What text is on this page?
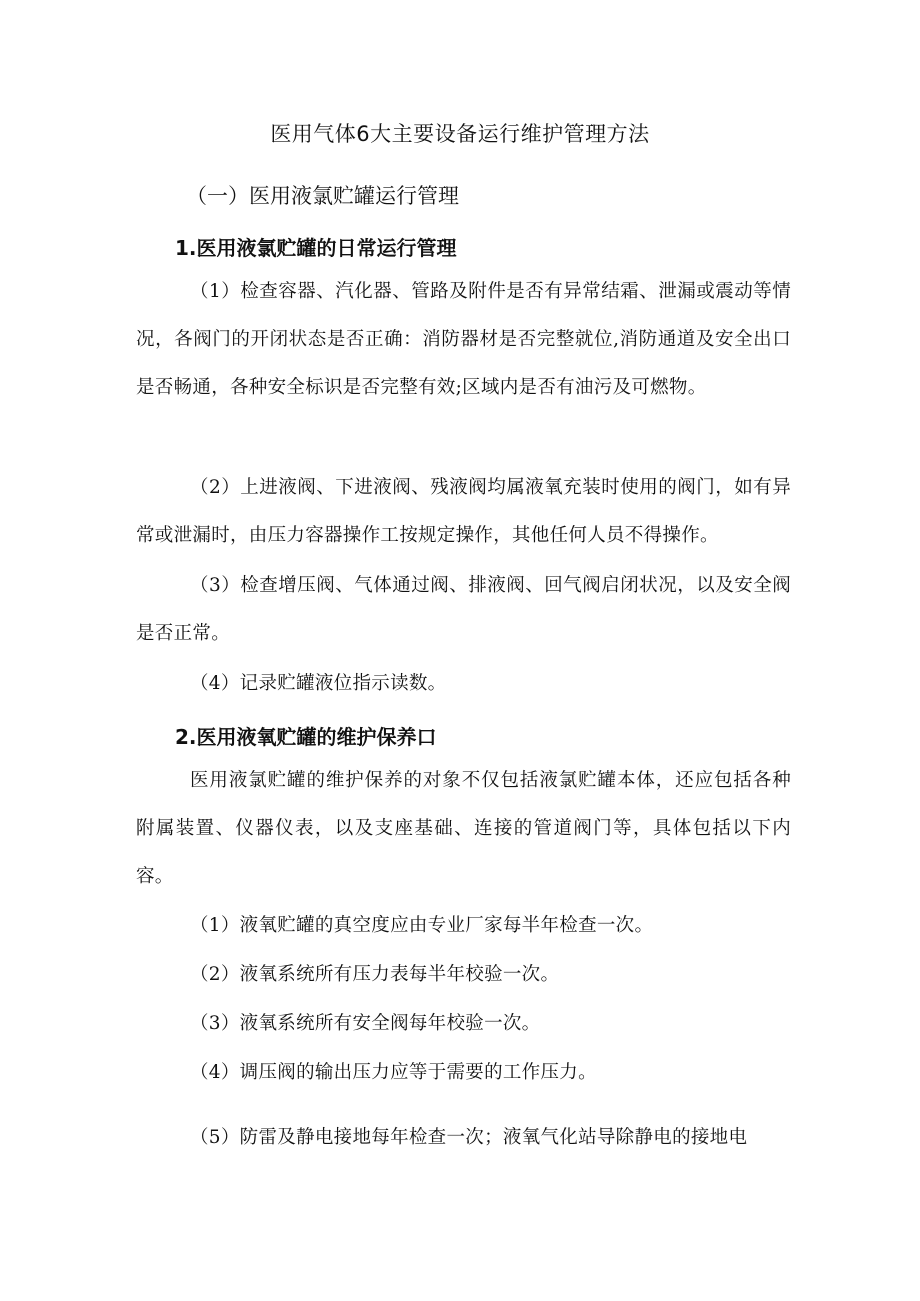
医用气体6大主要设备运行维护管理方法
（一）医用液氯贮罐运行管理
1.医用液氯贮罐的日常运行管理

（1）检查容器、汽化器、管路及附件是否有异常结霜、泄漏或震动等情况，各阀门的开闭状态是否正确：消防器材是否完整就位,消防通道及安全出口是否畅通，各种安全标识是否完整有效;区域内是否有油污及可燃物。

（2）上进液阀、下进液阀、残液阀均属液氧充装时使用的阀门，如有异常或泄漏时，由压力容器操作工按规定操作，其他任何人员不得操作。

（3）检查增压阀、气体通过阀、排液阀、回气阀启闭状况，以及安全阀是否正常。

（4）记录贮罐液位指示读数。

2.医用液氧贮罐的维护保养口

医用液氯贮罐的维护保养的对象不仅包括液氯贮罐本体，还应包括各种附属装置、仪器仪表，以及支座基础、连接的管道阀门等，具体包括以下内容。

（1）液氧贮罐的真空度应由专业厂家每半年检查一次。

（2）液氧系统所有压力表每半年校验一次。

（3）液氧系统所有安全阀每年校验一次。

（4）调压阀的输出压力应等于需要的工作压力。

（5）防雷及静电接地每年检查一次；液氧气化站导除静电的接地电
